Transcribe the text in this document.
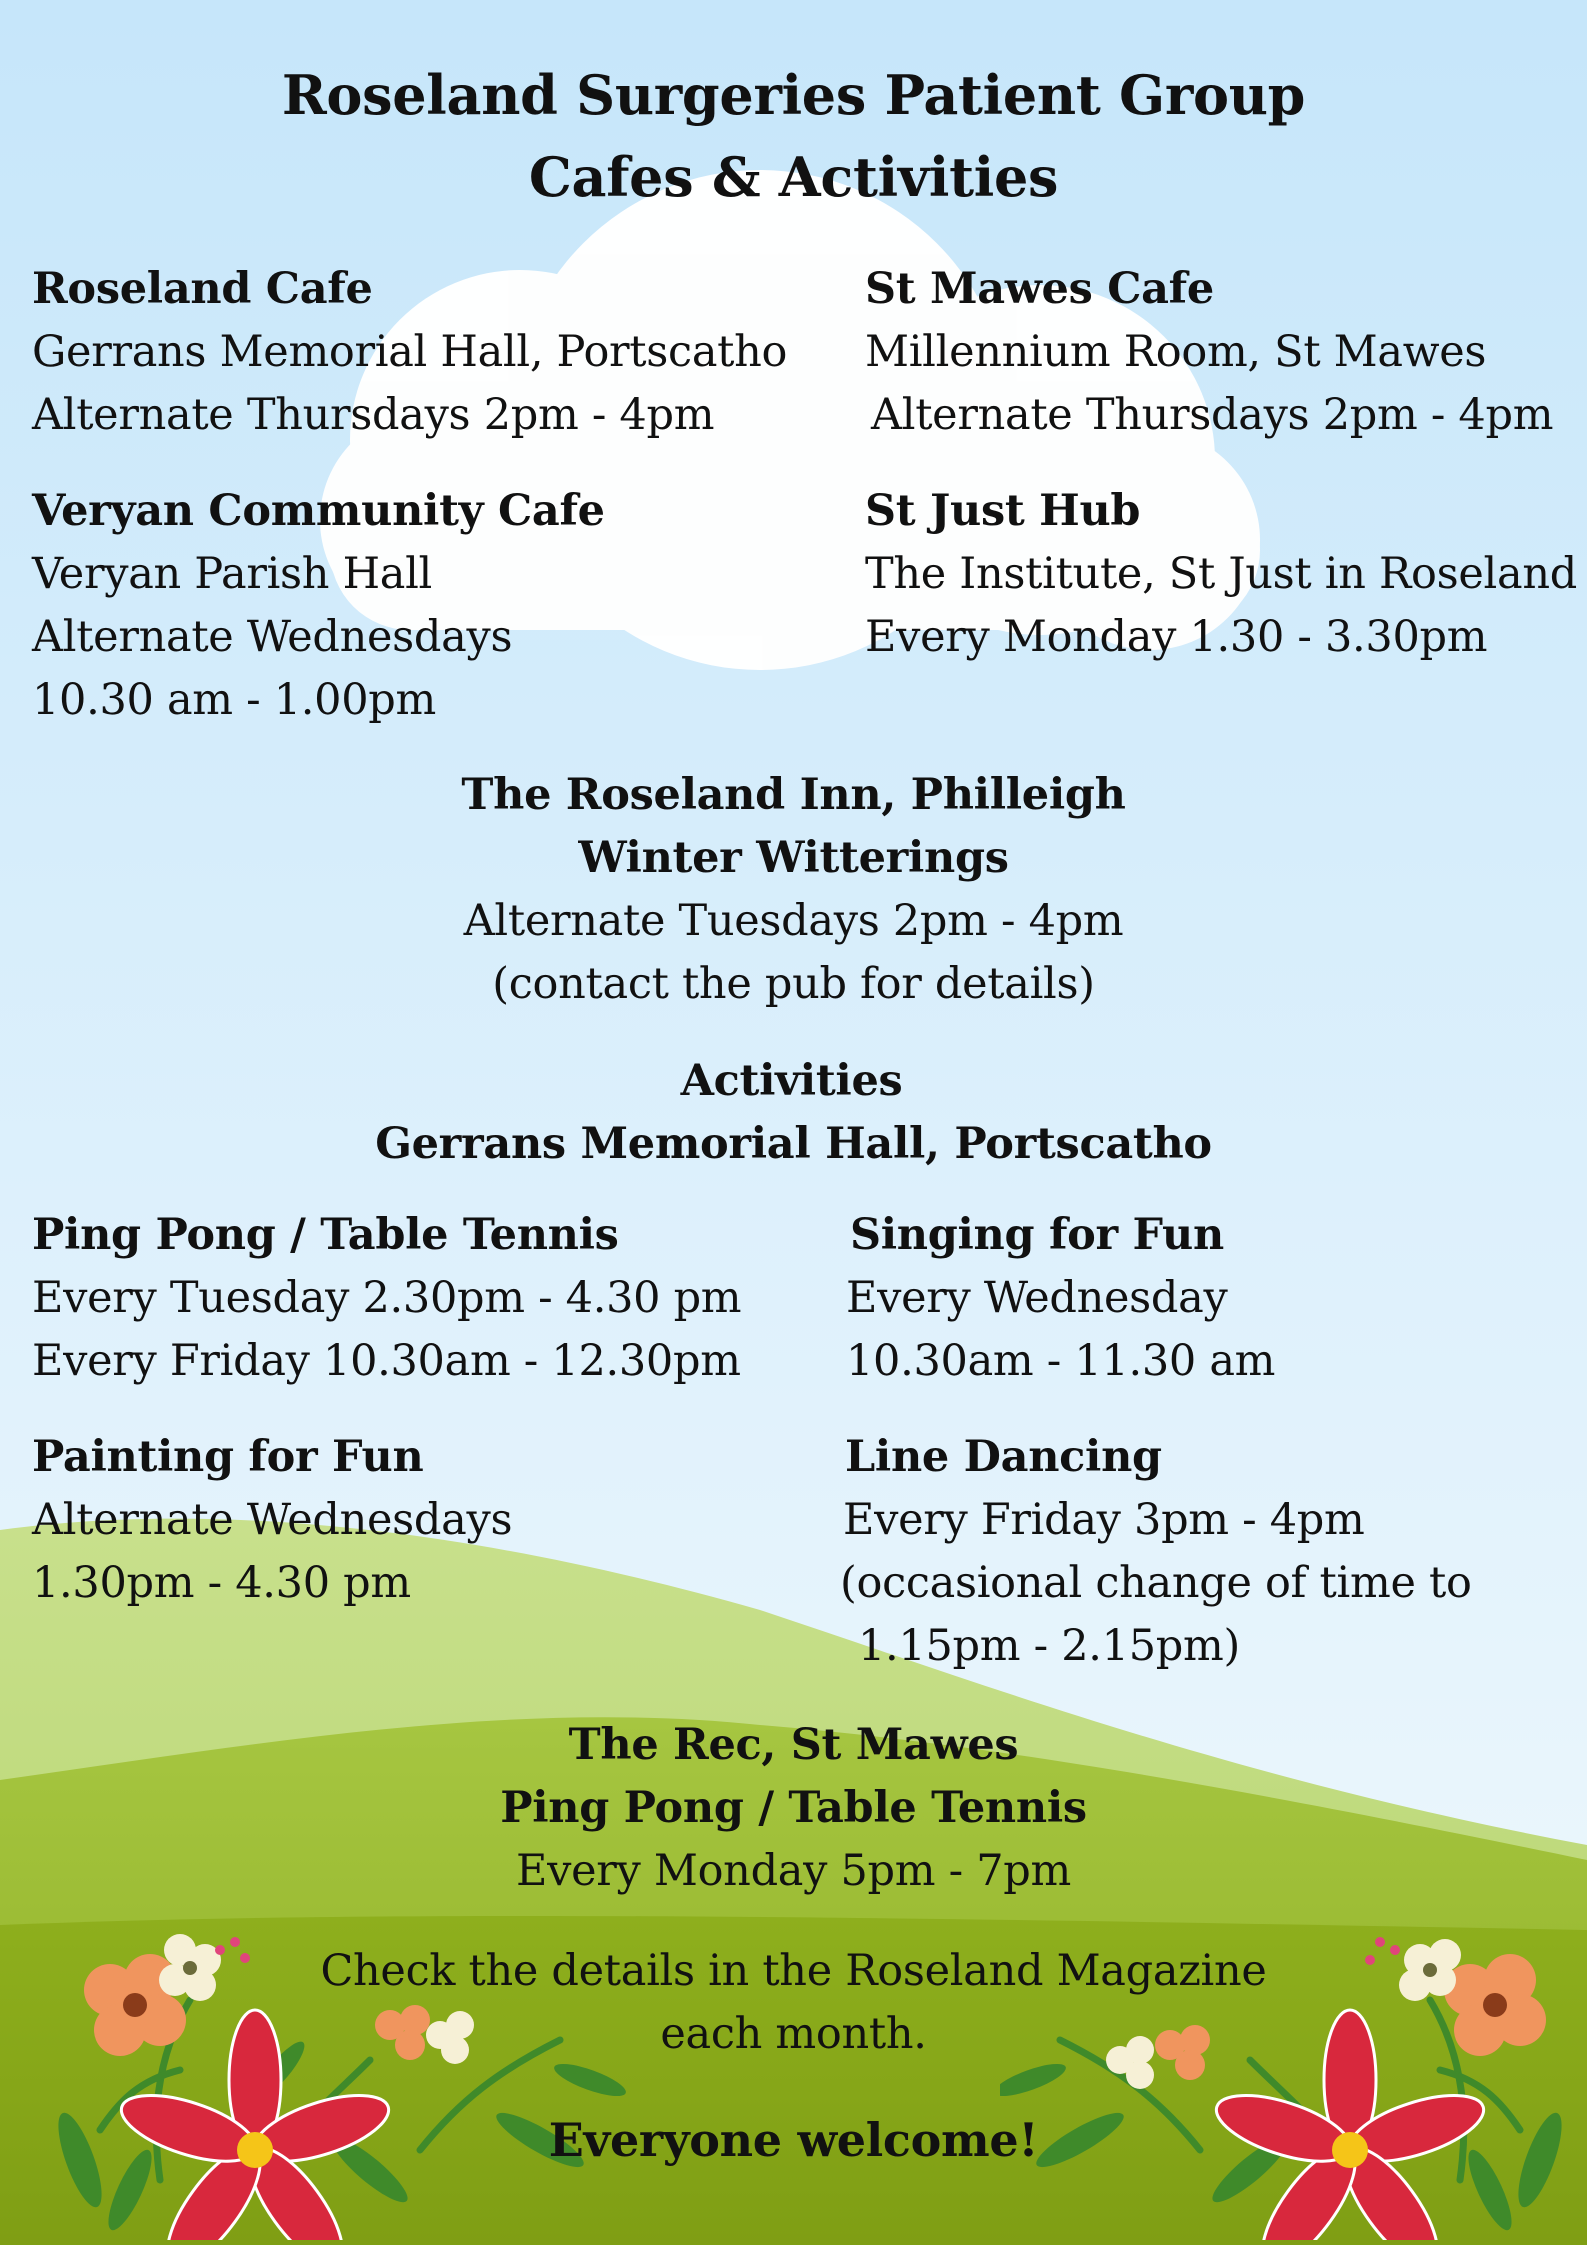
Roseland Surgeries Patient Group
Cafes & Activities
Roseland Cafe
Gerrans Memorial Hall, Portscatho
Alternate Thursdays 2pm - 4pm
St Mawes Cafe
Millennium Room, St Mawes
Alternate Thursdays 2pm - 4pm
Veryan Community Cafe
Veryan Parish Hall
Alternate Wednesdays
10.30 am - 1.00pm
St Just Hub
The Institute, St Just in Roseland
Every Monday 1.30 - 3.30pm
The Roseland Inn, Philleigh
Winter Witterings
Alternate Tuesdays 2pm - 4pm
(contact the pub for details)
Activities
Gerrans Memorial Hall, Portscatho
Ping Pong / Table Tennis
Every Tuesday 2.30pm - 4.30 pm
Every Friday 10.30am - 12.30pm
Singing for Fun
Every Wednesday
10.30am - 11.30 am
Painting for Fun
Alternate Wednesdays
1.30pm - 4.30 pm
Line Dancing
Every Friday 3pm - 4pm
(occasional change of time to
1.15pm - 2.15pm)
The Rec, St Mawes
Ping Pong / Table Tennis
Every Monday 5pm - 7pm
Check the details in the Roseland Magazine
each month.
Everyone welcome!
